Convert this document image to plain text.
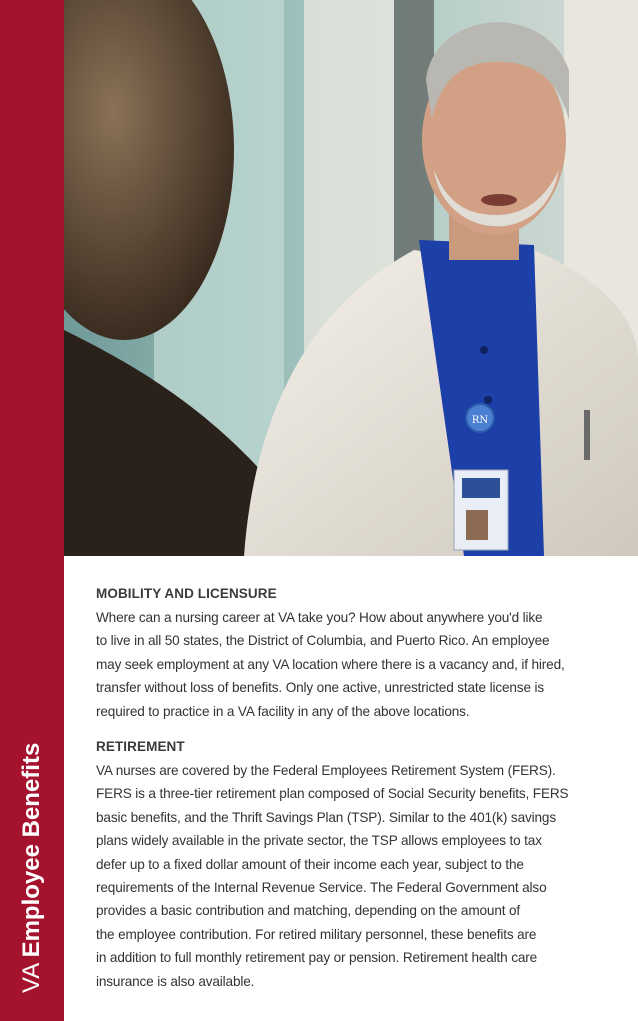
VA Employee Benefits
RN
MOBILITY AND LICENSURE
Where can a nursing career at VA take you? How about anywhere you'd like
to live in all 50 states, the District of Columbia, and Puerto Rico. An employee
may seek employment at any VA location where there is a vacancy and, if hired,
transfer without loss of benefits. Only one active, unrestricted state license is
required to practice in a VA facility in any of the above locations.
RETIREMENT
VA nurses are covered by the Federal Employees Retirement System (FERS).
FERS is a three-tier retirement plan composed of Social Security benefits, FERS
basic benefits, and the Thrift Savings Plan (TSP). Similar to the 401(k) savings
plans widely available in the private sector, the TSP allows employees to tax
defer up to a fixed dollar amount of their income each year, subject to the
requirements of the Internal Revenue Service. The Federal Government also
provides a basic contribution and matching, depending on the amount of
the employee contribution. For retired military personnel, these benefits are
in addition to full monthly retirement pay or pension. Retirement health care
insurance is also available.
